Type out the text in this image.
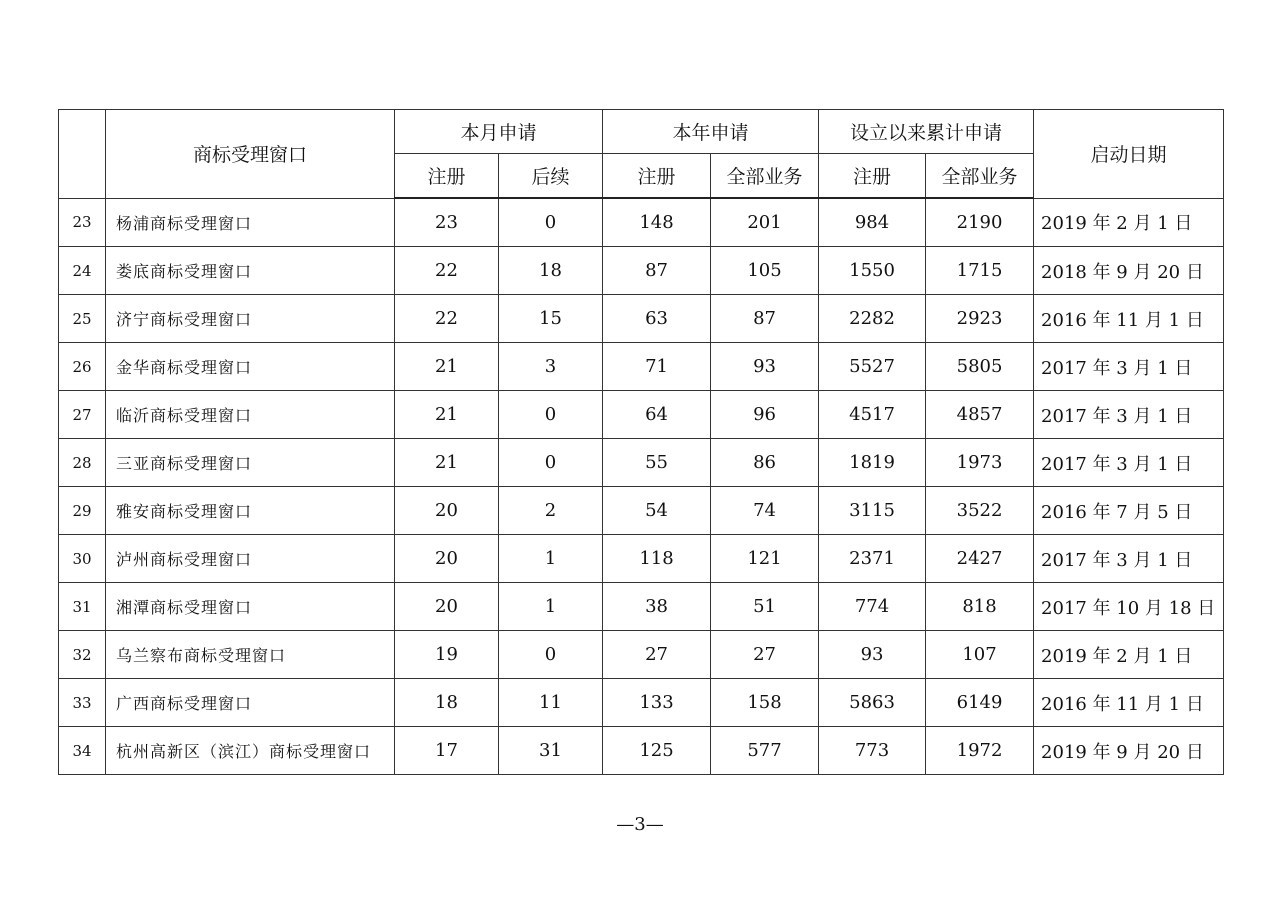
	商标受理窗口	本月申请		本年申请		设立以来累计申请		启动日期
		注册	后续	注册	全部业务	注册	全部业务	
23	杨浦商标受理窗口	23	0	148	201	984	2190	2019 年 2 月 1 日
24	娄底商标受理窗口	22	18	87	105	1550	1715	2018 年 9 月 20 日
25	济宁商标受理窗口	22	15	63	87	2282	2923	2016 年 11 月 1 日
26	金华商标受理窗口	21	3	71	93	5527	5805	2017 年 3 月 1 日
27	临沂商标受理窗口	21	0	64	96	4517	4857	2017 年 3 月 1 日
28	三亚商标受理窗口	21	0	55	86	1819	1973	2017 年 3 月 1 日
29	雅安商标受理窗口	20	2	54	74	3115	3522	2016 年 7 月 5 日
30	泸州商标受理窗口	20	1	118	121	2371	2427	2017 年 3 月 1 日
31	湘潭商标受理窗口	20	1	38	51	774	818	2017 年 10 月 18 日
32	乌兰察布商标受理窗口	19	0	27	27	93	107	2019 年 2 月 1 日
33	广西商标受理窗口	18	11	133	158	5863	6149	2016 年 11 月 1 日
34	杭州高新区（滨江）商标受理窗口	17	31	125	577	773	1972	2019 年 9 月 20 日
—3—
